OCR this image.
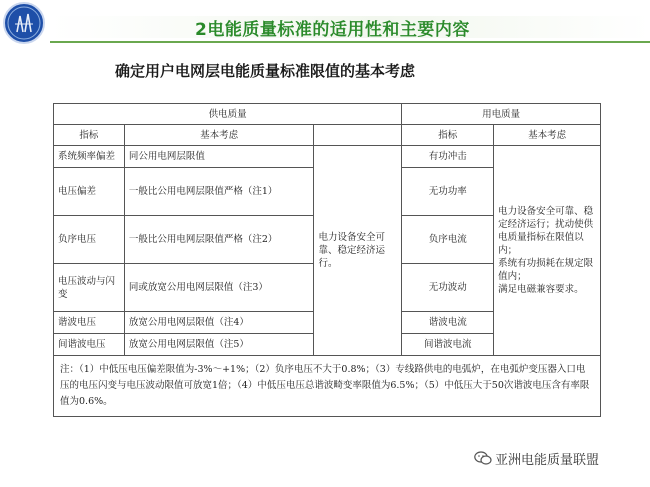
2电能质量标准的适用性和主要内容
确定用户电网层电能质量标准限值的基本考虑
供电质量			用电质量	
指标	基本考虑		指标	基本考虑
系统频率偏差	同公用电网层限值	电力设备安全可靠、稳定经济运行。	有功冲击	电力设备安全可靠、稳定经济运行；扰动使供电质量指标在限值以内；
系统有功损耗在规定限值内；
满足电磁兼容要求。

电压偏差	一般比公用电网层限值严格（注1）		无功功率	
负序电压	一般比公用电网层限值严格（注2）		负序电流	
电压波动与闪变	同或放宽公用电网层限值（注3）		无功波动	
谐波电压	放宽公用电网层限值（注4）		谐波电流	
间谐波电压	放宽公用电网层限值（注5）		间谐波电流	
注：（1）中低压电压偏差限值为-3%～+1%；（2）负序电压不大于0.8%；（3）专线路供电的电弧炉，在电弧炉变压器入口电压的电压闪变与电压波动限值可放宽1倍；（4）中低压电压总谐波畸变率限值为6.5%；（5）中低压大于50次谐波电压含有率限值为0.6%。				
亚洲电能质量联盟
